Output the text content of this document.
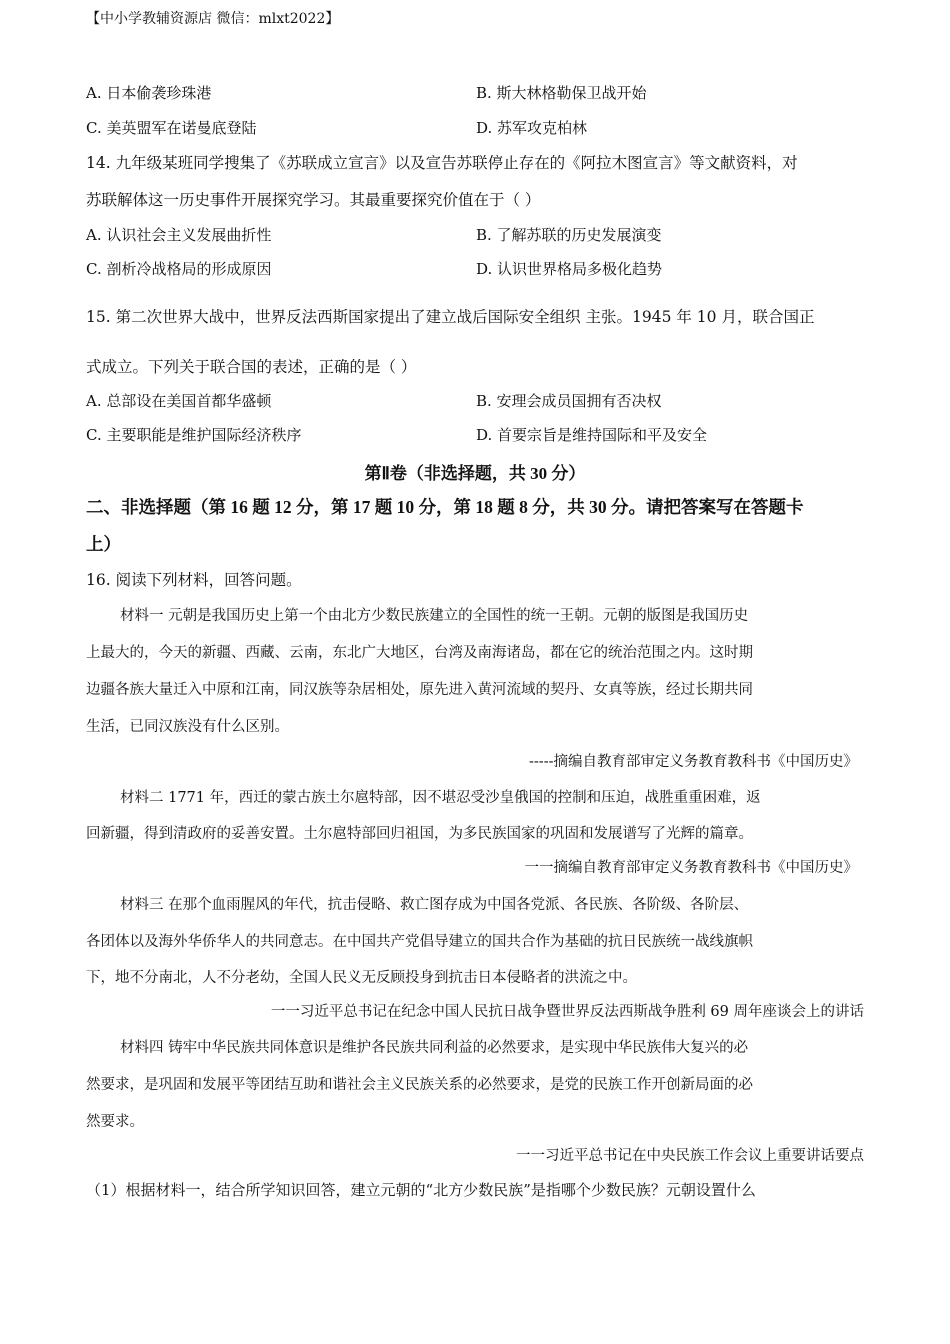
【中小学教辅资源店 微信：mlxt2022】
A. 日本偷袭珍珠港	B. 斯大林格勒保卫战开始
C. 美英盟军在诺曼底登陆	D. 苏军攻克柏林
14. 九年级某班同学搜集了《苏联成立宣言》以及宣告苏联停止存在的《阿拉木图宣言》等文献资料，对
苏联解体这一历史事件开展探究学习。其最重要探究价值在于（ ）
A. 认识社会主义发展曲折性	B. 了解苏联的历史发展演变
C. 剖析冷战格局的形成原因	D. 认识世界格局多极化趋势
15. 第二次世界大战中，世界反法西斯国家提出了建立战后国际安全组织 主张。1945 年 10 月，联合国正
式成立。下列关于联合国的表述，正确的是（ ）
A. 总部设在美国首都华盛顿	B. 安理会成员国拥有否决权
C. 主要职能是维护国际经济秩序	D. 首要宗旨是维持国际和平及安全
第Ⅱ卷（非选择题，共 30 分）
二、非选择题（第 16 题 12 分，第 17 题 10 分，第 18 题 8 分，共 30 分。请把答案写在答题卡
上）
16. 阅读下列材料，回答问题。
材料一 元朝是我国历史上第一个由北方少数民族建立的全国性的统一王朝。元朝的版图是我国历史
上最大的，今天的新疆、西藏、云南，东北广大地区，台湾及南海诸岛，都在它的统治范围之内。这时期
边疆各族大量迁入中原和江南，同汉族等杂居相处，原先进入黄河流域的契丹、女真等族，经过长期共同
生活，已同汉族没有什么区别。
-----摘编自教育部审定义务教育教科书《中国历史》
材料二 1771 年，西迁的蒙古族土尔扈特部，因不堪忍受沙皇俄国的控制和压迫，战胜重重困难，返
回新疆，得到清政府的妥善安置。土尔扈特部回归祖国，为多民族国家的巩固和发展谱写了光辉的篇章。
一一摘编自教育部审定义务教育教科书《中国历史》
材料三 在那个血雨腥风的年代，抗击侵略、救亡图存成为中国各党派、各民族、各阶级、各阶层、
各团体以及海外华侨华人的共同意志。在中国共产党倡导建立的国共合作为基础的抗日民族统一战线旗帜
下，地不分南北，人不分老幼，全国人民义无反顾投身到抗击日本侵略者的洪流之中。
一一习近平总书记在纪念中国人民抗日战争暨世界反法西斯战争胜利 69 周年座谈会上的讲话
材料四 铸牢中华民族共同体意识是维护各民族共同利益的必然要求，是实现中华民族伟大复兴的必
然要求，是巩固和发展平等团结互助和谐社会主义民族关系的必然要求，是党的民族工作开创新局面的必
然要求。
一一习近平总书记在中央民族工作会议上重要讲话要点
（1）根据材料一，结合所学知识回答，建立元朝的“北方少数民族”是指哪个少数民族？元朝设置什么
